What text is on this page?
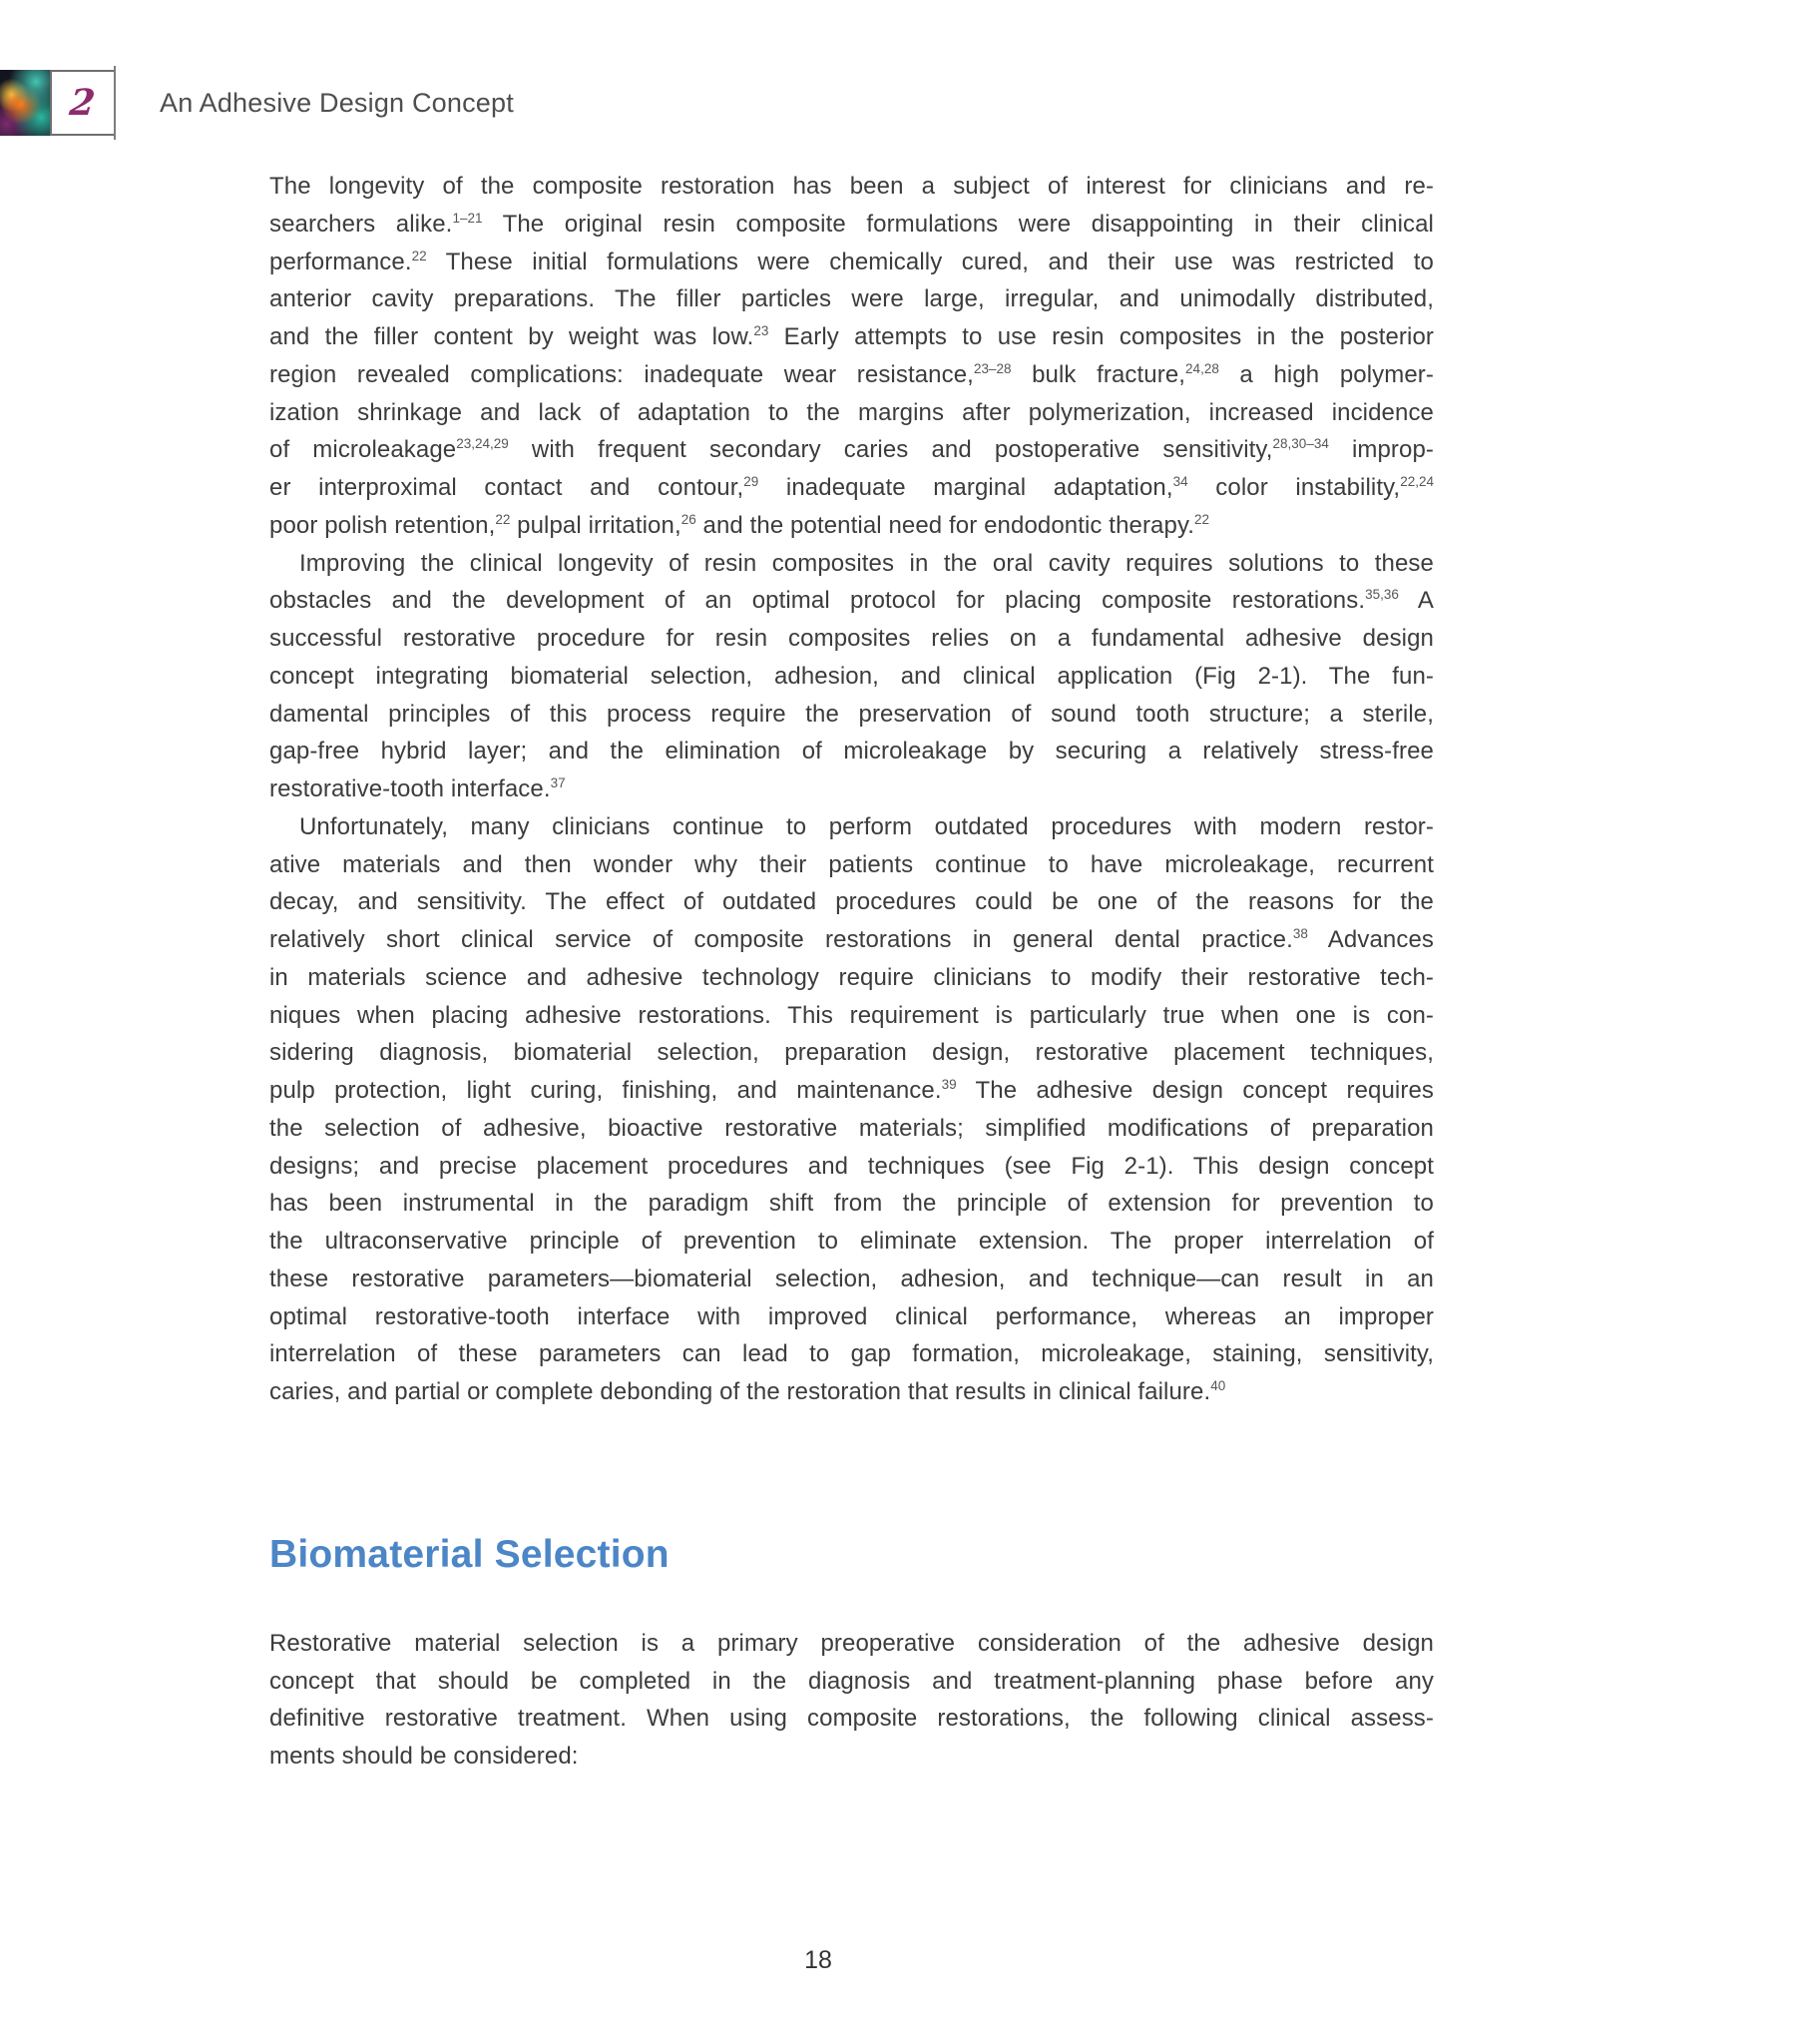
2 An Adhesive Design Concept
The longevity of the composite restoration has been a subject of interest for clinicians and re-
searchers alike.$^{1-21}$ The original resin composite formulations were disappointing in their clinical
performance.$^{22}$ These initial formulations were chemically cured, and their use was restricted to
anterior cavity preparations. The filler particles were large, irregular, and unimodally distributed,
and the filler content by weight was low.$^{23}$ Early attempts to use resin composites in the posterior
region revealed complications: inadequate wear resistance,$^{23-28}$ bulk fracture,$^{24,28}$ a high polymer-
ization shrinkage and lack of adaptation to the margins after polymerization, increased incidence
of microleakage$^{23,24,29}$ with frequent secondary caries and postoperative sensitivity,$^{28,30-34}$ improp-
er interproximal contact and contour,$^{29}$ inadequate marginal adaptation,$^{34}$ color instability,$^{22,24}$
poor polish retention,$^{22}$ pulpal irritation,$^{26}$ and the potential need for endodontic therapy.$^{22}$
Improving the clinical longevity of resin composites in the oral cavity requires solutions to these
obstacles and the development of an optimal protocol for placing composite restorations.$^{35,36}$ A
successful restorative procedure for resin composites relies on a fundamental adhesive design
concept integrating biomaterial selection, adhesion, and clinical application (Fig 2-1). The fun-
damental principles of this process require the preservation of sound tooth structure; a sterile,
gap-free hybrid layer; and the elimination of microleakage by securing a relatively stress-free
restorative-tooth interface.$^{37}$
Unfortunately, many clinicians continue to perform outdated procedures with modern restor-
ative materials and then wonder why their patients continue to have microleakage, recurrent
decay, and sensitivity. The effect of outdated procedures could be one of the reasons for the
relatively short clinical service of composite restorations in general dental practice.$^{38}$ Advances
in materials science and adhesive technology require clinicians to modify their restorative tech-
niques when placing adhesive restorations. This requirement is particularly true when one is con-
sidering diagnosis, biomaterial selection, preparation design, restorative placement techniques,
pulp protection, light curing, finishing, and maintenance.$^{39}$ The adhesive design concept requires
the selection of adhesive, bioactive restorative materials; simplified modifications of preparation
designs; and precise placement procedures and techniques (see Fig 2-1). This design concept
has been instrumental in the paradigm shift from the principle of extension for prevention to
the ultraconservative principle of prevention to eliminate extension. The proper interrelation of
these restorative parameters—biomaterial selection, adhesion, and technique—can result in an
optimal restorative-tooth interface with improved clinical performance, whereas an improper
interrelation of these parameters can lead to gap formation, microleakage, staining, sensitivity,
caries, and partial or complete debonding of the restoration that results in clinical failure.$^{40}$
Biomaterial Selection
Restorative material selection is a primary preoperative consideration of the adhesive design
concept that should be completed in the diagnosis and treatment-planning phase before any
definitive restorative treatment. When using composite restorations, the following clinical assess-
ments should be considered:
18
